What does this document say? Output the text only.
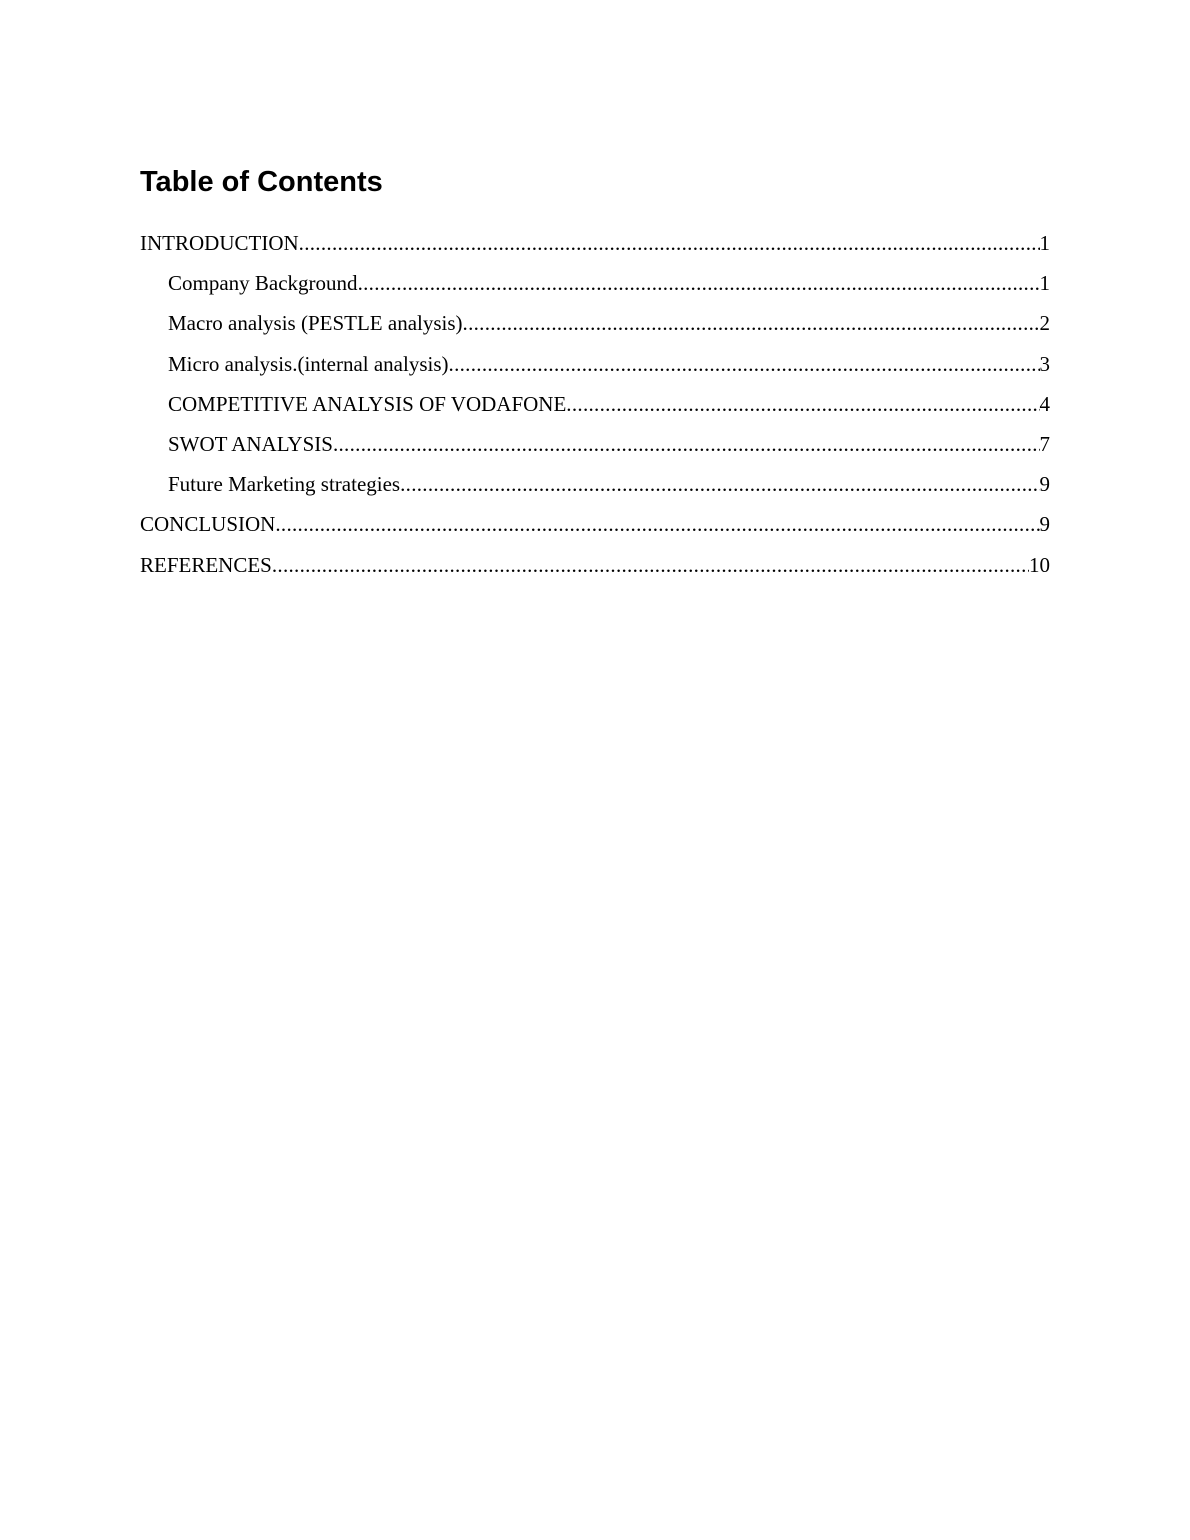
Table of Contents
INTRODUCTION .....	1
Company Background .....	1
Macro analysis (PESTLE analysis) .....	2
Micro analysis.(internal analysis) .....	3
COMPETITIVE ANALYSIS OF VODAFONE .....	4
SWOT ANALYSIS .....	7
Future Marketing strategies .....	9
CONCLUSION .....	9
REFERENCES .....	10
